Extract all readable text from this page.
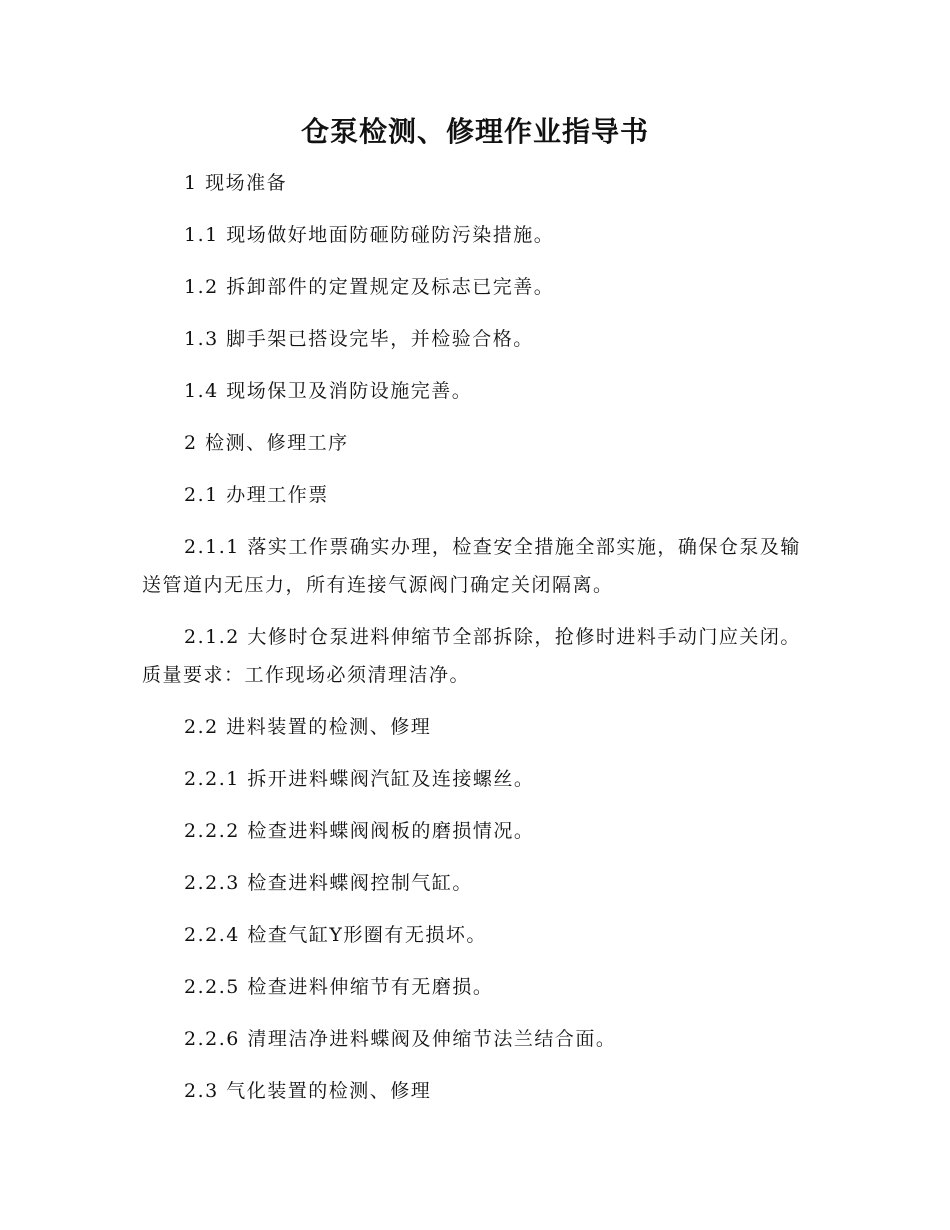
仓泵检测、修理作业指导书

1 现场准备

1.1 现场做好地面防砸防碰防污染措施。

1.2 拆卸部件的定置规定及标志已完善。

1.3 脚手架已搭设完毕，并检验合格。

1.4 现场保卫及消防设施完善。

2 检测、修理工序

2.1 办理工作票

2.1.1 落实工作票确实办理，检查安全措施全部实施，确保仓泵及输送管道内无压力，所有连接气源阀门确定关闭隔离。

2.1.2 大修时仓泵进料伸缩节全部拆除，抢修时进料手动门应关闭。质量要求：工作现场必须清理洁净。

2.2 进料装置的检测、修理

2.2.1 拆开进料蝶阀汽缸及连接螺丝。

2.2.2 检查进料蝶阀阀板的磨损情况。

2.2.3 检查进料蝶阀控制气缸。

2.2.4 检查气缸Y形圈有无损坏。

2.2.5 检查进料伸缩节有无磨损。

2.2.6 清理洁净进料蝶阀及伸缩节法兰结合面。

2.3 气化装置的检测、修理
